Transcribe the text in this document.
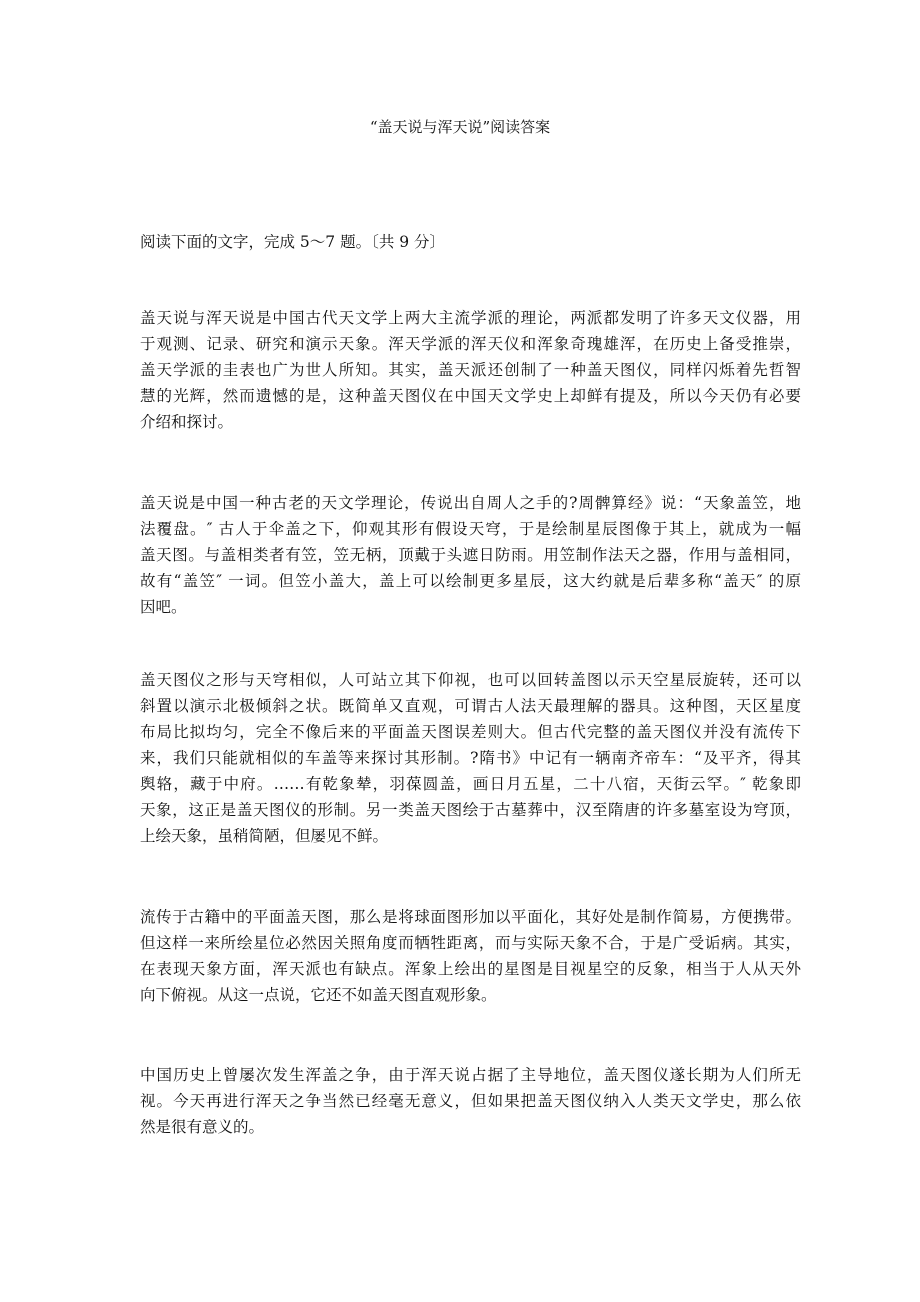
“盖天说与浑天说”阅读答案
阅读下面的文字，完成 5～7 题。〔共 9 分〕
盖天说与浑天说是中国古代天文学上两大主流学派的理论，两派都发明了许多天文仪器，用
于观测、记录、研究和演示天象。浑天学派的浑天仪和浑象奇瑰雄浑，在历史上备受推崇，
盖天学派的圭表也广为世人所知。其实，盖天派还创制了一种盖天图仪，同样闪烁着先哲智
慧的光辉，然而遗憾的是，这种盖天图仪在中国天文学史上却鲜有提及，所以今天仍有必要
介绍和探讨。
盖天说是中国一种古老的天文学理论，传说出自周人之手的?周髀算经》说：“天象盖笠，地
法覆盘。″ 古人于伞盖之下，仰观其形有假设天穹，于是绘制星辰图像于其上，就成为一幅
盖天图。与盖相类者有笠，笠无柄，顶戴于头遮日防雨。用笠制作法天之器，作用与盖相同，
故有“盖笠″ 一词。但笠小盖大，盖上可以绘制更多星辰，这大约就是后辈多称“盖天″ 的原
因吧。
盖天图仪之形与天穹相似，人可站立其下仰视，也可以回转盖图以示天空星辰旋转，还可以
斜置以演示北极倾斜之状。既简单又直观，可谓古人法天最理解的器具。这种图，天区星度
布局比拟均匀，完全不像后来的平面盖天图误差则大。但古代完整的盖天图仪并没有流传下
来，我们只能就相似的车盖等来探讨其形制。?隋书》中记有一辆南齐帝车：“及平齐，得其
舆辂，藏于中府。……有乾象辇，羽葆圆盖，画日月五星，二十八宿，天街云罕。″ 乾象即
天象，这正是盖天图仪的形制。另一类盖天图绘于古墓葬中，汉至隋唐的许多墓室设为穹顶，
上绘天象，虽稍简陋，但屡见不鲜。
流传于古籍中的平面盖天图，那么是将球面图形加以平面化，其好处是制作简易，方便携带。
但这样一来所绘星位必然因关照角度而牺牲距离，而与实际天象不合，于是广受诟病。其实，
在表现天象方面，浑天派也有缺点。浑象上绘出的星图是目视星空的反象，相当于人从天外
向下俯视。从这一点说，它还不如盖天图直观形象。
中国历史上曾屡次发生浑盖之争，由于浑天说占据了主导地位，盖天图仪遂长期为人们所无
视。今天再进行浑天之争当然已经毫无意义，但如果把盖天图仪纳入人类天文学史，那么依
然是很有意义的。
